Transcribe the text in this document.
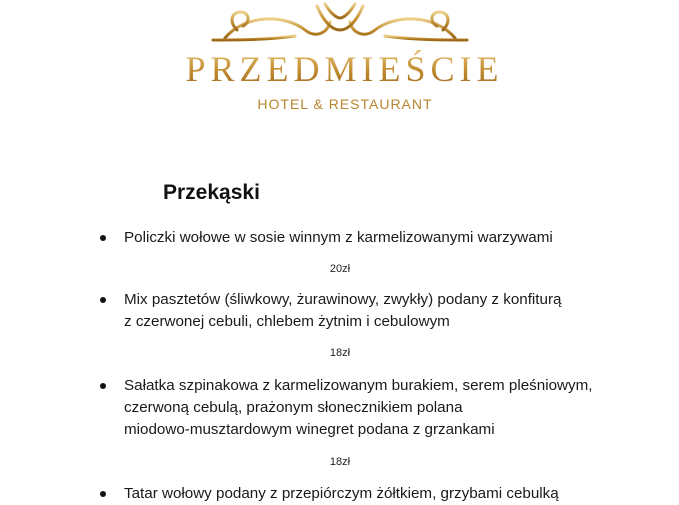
PRZEDMIEŚCIE
HOTEL & RESTAURANT
Przekąski
Policzki wołowe w sosie winnym z karmelizowanymi warzywami
20zł
Mix pasztetów (śliwkowy, żurawinowy, zwykły) podany z konfiturą
z czerwonej cebuli, chlebem żytnim i cebulowym
18zł
Sałatka szpinakowa z karmelizowanym burakiem, serem pleśniowym,
czerwoną cebulą, prażonym słonecznikiem polana
miodowo-musztardowym winegret podana z grzankami
18zł
Tatar wołowy podany z przepiórczym żółtkiem, grzybami cebulką
